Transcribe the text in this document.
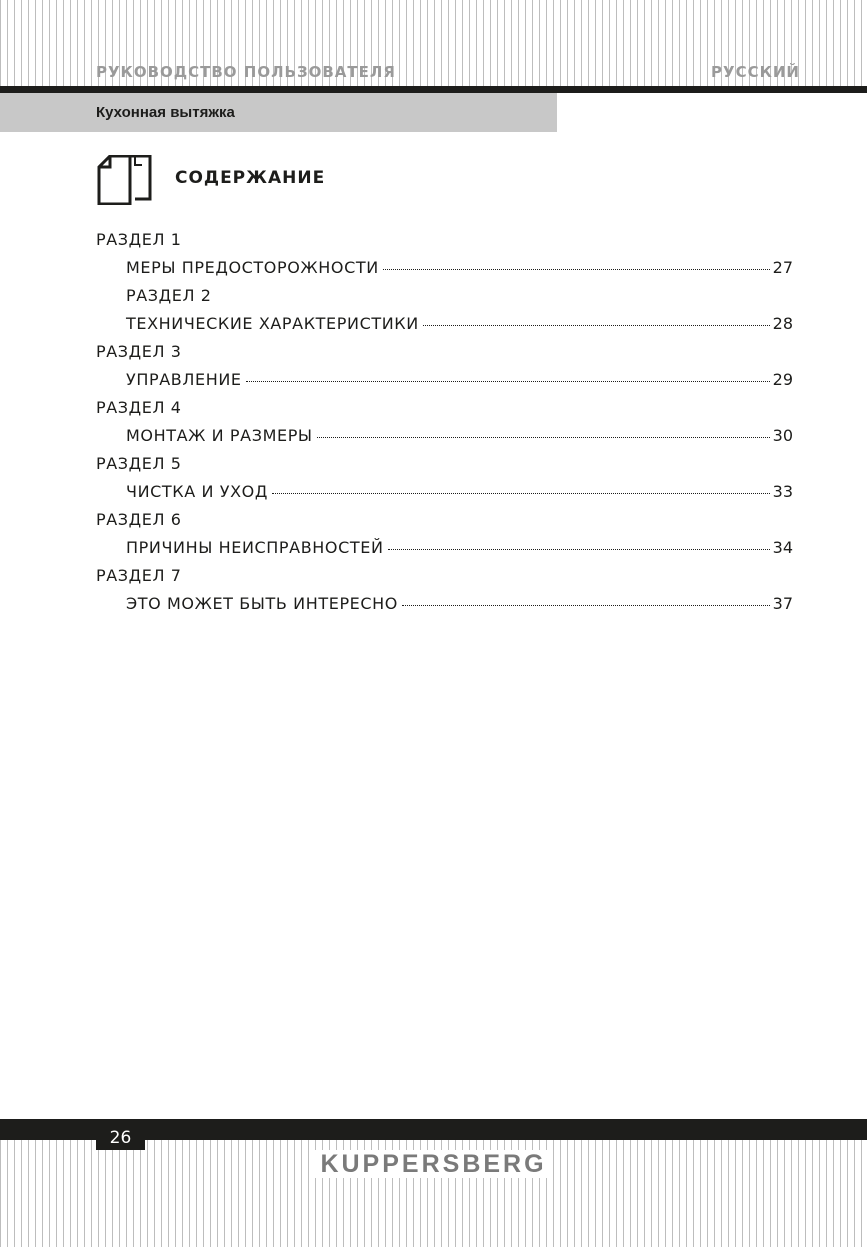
РУКОВОДСТВО ПОЛЬЗОВАТЕЛЯ	РУССКИЙ
Кухонная вытяжка
СОДЕРЖАНИЕ
РАЗДЕЛ 1
МЕРЫ ПРЕДОСТОРОЖНОСТИ	27
РАЗДЕЛ 2
ТЕХНИЧЕСКИЕ ХАРАКТЕРИСТИКИ	28
РАЗДЕЛ 3
УПРАВЛЕНИЕ	29
РАЗДЕЛ 4
МОНТАЖ И РАЗМЕРЫ	30
РАЗДЕЛ 5
ЧИСТКА И УХОД	33
РАЗДЕЛ 6
ПРИЧИНЫ НЕИСПРАВНОСТЕЙ	34
РАЗДЕЛ 7
ЭТО МОЖЕТ БЫТЬ ИНТЕРЕСНО	37
26
KUPPERSBERG
